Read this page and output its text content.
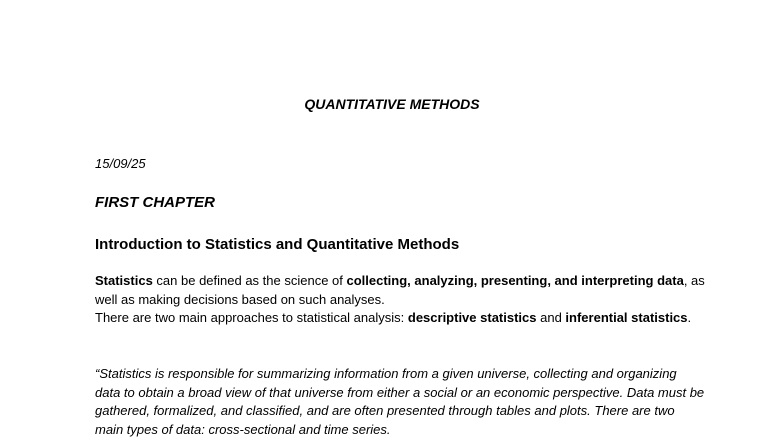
QUANTITATIVE METHODS

15/09/25

FIRST CHAPTER
Introduction to Statistics and Quantitative Methods

Statistics can be defined as the science of collecting, analyzing, presenting, and interpreting data, as well as making decisions based on such analyses.
There are two main approaches to statistical analysis: descriptive statistics and inferential statistics.

“Statistics is responsible for summarizing information from a given universe, collecting and organizing data to obtain a broad view of that universe from either a social or an economic perspective. Data must be gathered, formalized, and classified, and are often presented through tables and plots. There are two main types of data: cross-sectional and time series.
